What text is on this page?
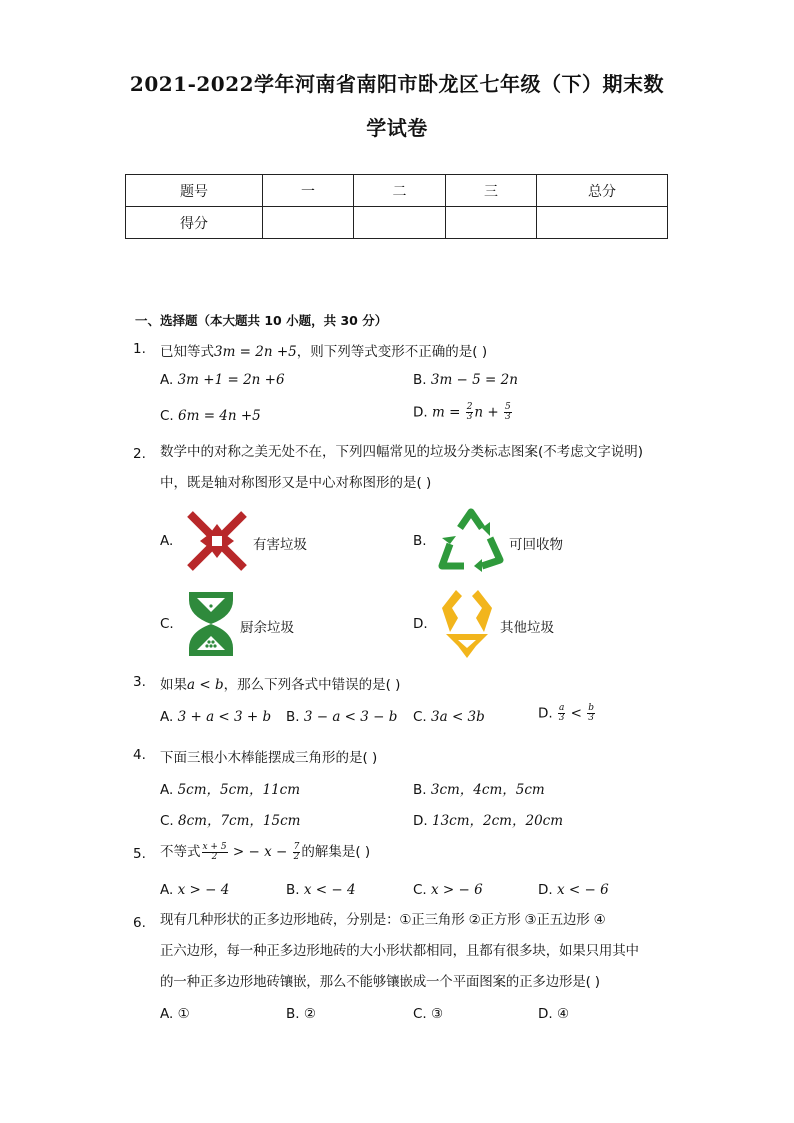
2021-2022学年河南省南阳市卧龙区七年级（下）期末数
学试卷
题号	一	二	三	总分
得分				
一、选择题（本大题共 10 小题，共 30 分）
1.	已知等式3m = 2n +5，则下列等式变形不正确的是( )
A. 3m +1 = 2n +6	B. 3m − 5 = 2n
C. 6m = 4n +5	D. $m = \frac{2}{3}$ $n + \frac{5}{3}$
2.	数学中的对称之美无处不在，下列四幅常见的垃圾分类标志图案(不考虑文字说明)
中，既是轴对称图形又是中心对称图形的是( )
A.	有害垃圾	B.	可回收物
C.	厨余垃圾	D.	其他垃圾
3.	如果a < b，那么下列各式中错误的是( )
A. 3 + a < 3 + b B. 3 − a < 3 − b C. 3a < 3b	D. $\frac{a}{3} < \frac{b}{3}$
4.	下面三根小木棒能摆成三角形的是( )
A. 5cm，5cm，11cm	B. 3cm，4cm，5cm
C. 8cm，7cm，15cm	D. 13cm，2cm，20cm
5.	不等式 $\frac{x + 5}{2}$ > − $x - \frac{7}{2}$ 的解集是( )
A. x > − 4	B. x < − 4	C. x > − 6	D. x < − 6
6.	现有几种形状的正多边形地砖，分别是：①正三角形 ②正方形 ③正五边形 ④
正六边形，每一种正多边形地砖的大小形状都相同，且都有很多块，如果只用其中
的一种正多边形地砖镶嵌，那么不能够镶嵌成一个平面图案的正多边形是( )
A. ①	B. ②	C. ③	D. ④
